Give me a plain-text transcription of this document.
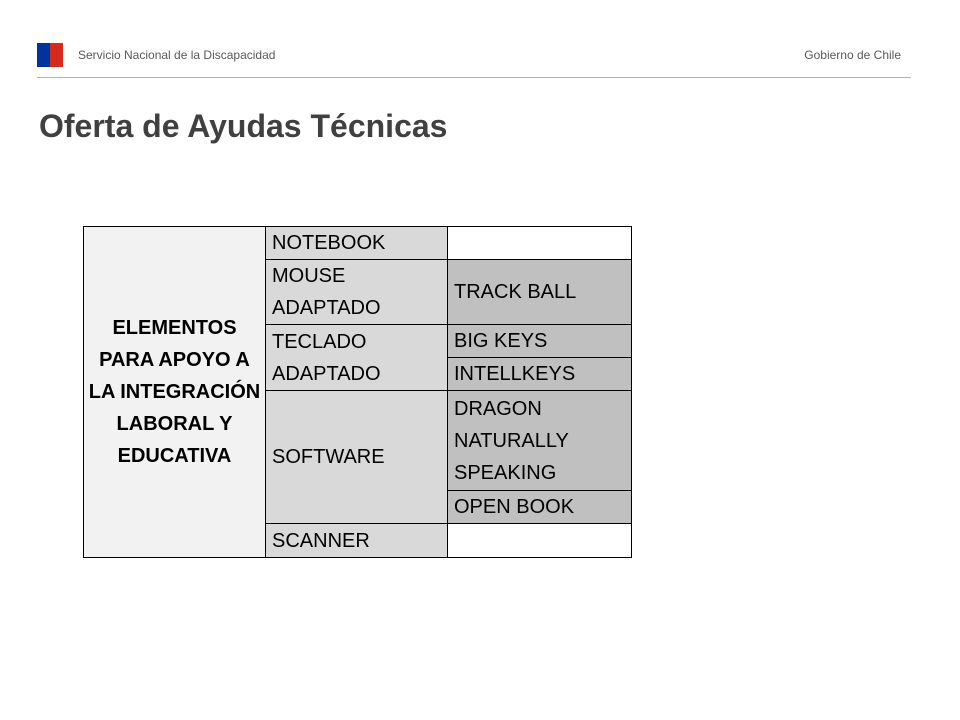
Servicio Nacional de la Discapacidad	Gobierno de Chile
Oferta de Ayudas Técnicas
ELEMENTOS PARA APOYO A LA INTEGRACIÓN LABORAL Y EDUCATIVA	NOTEBOOK	
	MOUSE ADAPTADO	TRACK BALL
	TECLADO ADAPTADO	BIG KEYS
		INTELLKEYS
	SOFTWARE	DRAGON NATURALLY SPEAKING
		OPEN BOOK
	SCANNER	
